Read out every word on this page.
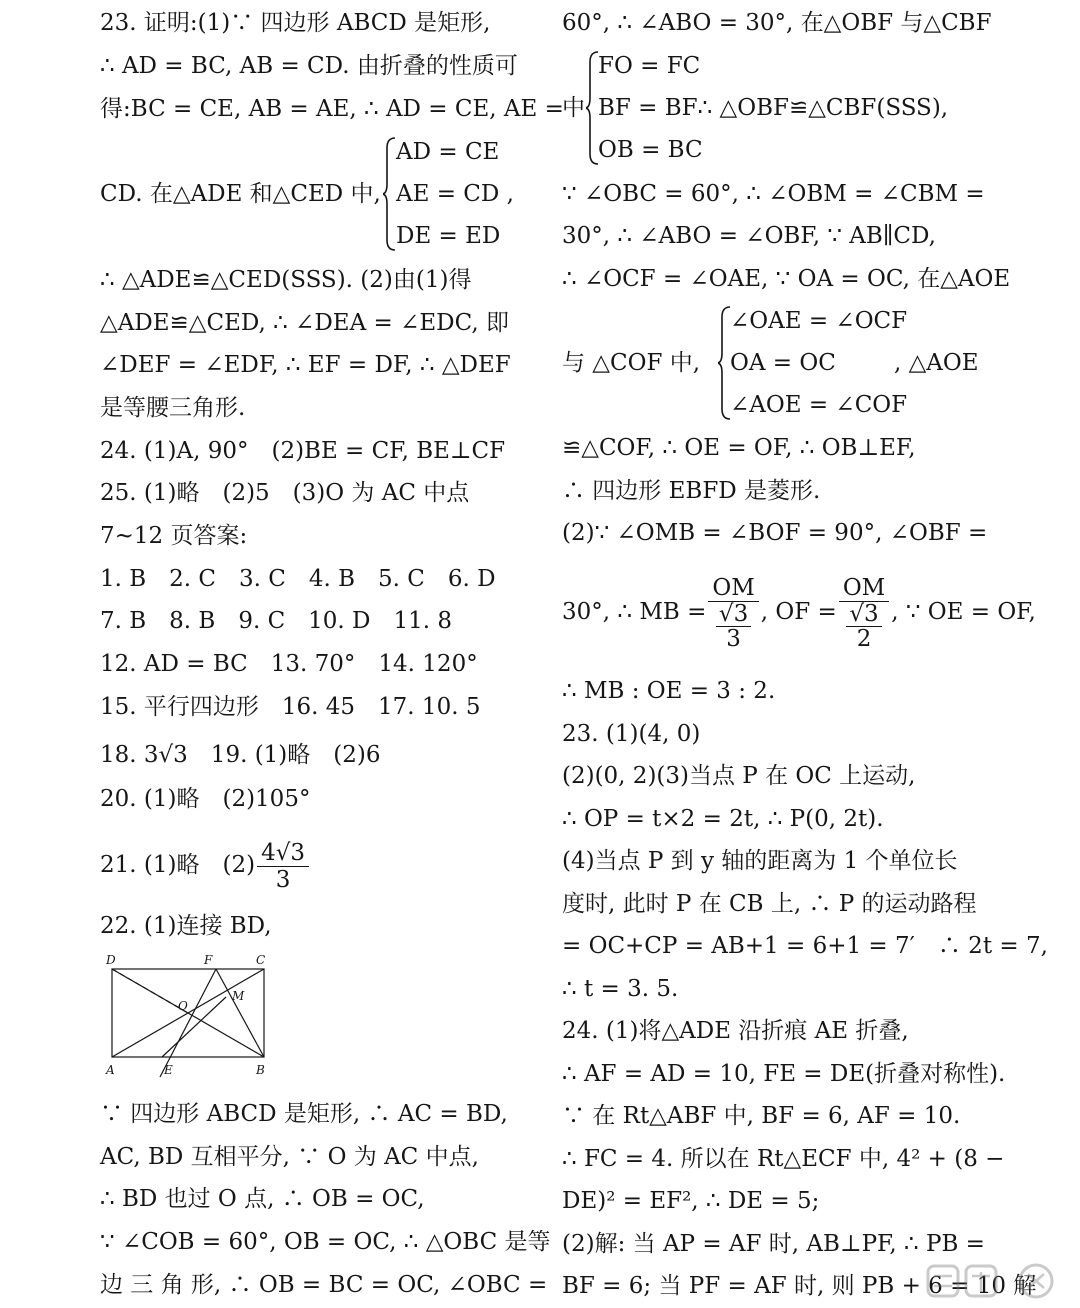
23. 证明:(1)∵ 四边形 ABCD 是矩形,
∴ AD = BC, AB = CD. 由折叠的性质可
得:BC = CE, AB = AE, ∴ AD = CE, AE =
CD. 在△ADE 和△CED 中,
AD = CE
AE = CD ,
DE = ED
∴ △ADE≌△CED(SSS). (2)由(1)得
△ADE≌△CED, ∴ ∠DEA = ∠EDC, 即
∠DEF = ∠EDF, ∴ EF = DF, ∴ △DEF
是等腰三角形.
24. (1)A, 90°　(2)BE = CF, BE⊥CF
25. (1)略　(2)5　(3)O 为 AC 中点
7~12 页答案:
1. B　2. C　3. C　4. B　5. C　6. D
7. B　8. B　9. C　10. D　11. 8
12. AD = BC　13. 70°　14. 120°
15. 平行四边形　16. 45　17. 10. 5
18. 3√3　19. (1)略　(2)6
20. (1)略　(2)105°
21. (1)略　$(2) \frac{4√3}{3}$
22. (1)连接 BD,
D	F	C
O
M
A	E	B
∵ 四边形 ABCD 是矩形, ∴ AC = BD,
AC, BD 互相平分, ∵ O 为 AC 中点,
∴ BD 也过 O 点, ∴ OB = OC,
∵ ∠COB = 60°, OB = OC, ∴ △OBC 是等
边 三 角 形, ∴ OB = BC = OC, ∠OBC =
60°, ∴ ∠ABO = 30°, 在△OBF 与△CBF
中
FO = FC
BF = BF∴ △OBF≌△CBF(SSS),
OB = BC
∵ ∠OBC = 60°, ∴ ∠OBM = ∠CBM =
30°, ∴ ∠ABO = ∠OBF, ∵ AB∥CD,
∴ ∠OCF = ∠OAE, ∵ OA = OC, 在△AOE
与 △COF 中,
∠OAE = ∠OCF
OA = OC
∠AOE = ∠COF
, △AOE
≌△COF, ∴ OE = OF, ∴ OB⊥EF,
∴ 四边形 EBFD 是菱形.
(2)∵ ∠OMB = ∠BOF = 90°, ∠OBF =
30°, ∴ MB = $\frac{OM}{\frac{√3}{3}}$ , OF = $\frac{OM}{\frac{√3}{2}}$ , ∵ OE = OF,
∴ MB : OE = 3 : 2.
23. (1)(4, 0)
(2)(0, 2)(3)当点 P 在 OC 上运动,
∴ OP = t×2 = 2t, ∴ P(0, 2t).
(4)当点 P 到 y 轴的距离为 1 个单位长
度时, 此时 P 在 CB 上, ∴ P 的运动路程
= OC+CP = AB+1 = 6+1 = 7′　∴ 2t = 7,
∴ t = 3. 5.
24. (1)将△ADE 沿折痕 AE 折叠,
∴ AF = AD = 10, FE = DE(折叠对称性).
∵ 在 Rt△ABF 中, BF = 6, AF = 10.
∴ FC = 4. 所以在 Rt△ECF 中, 4² + (8 −
DE)² = EF², ∴ DE = 5;
(2)解: 当 AP = AF 时, AB⊥PF, ∴ PB =
BF = 6; 当 PF = AF 时, 则 PB + 6 = 10 解
